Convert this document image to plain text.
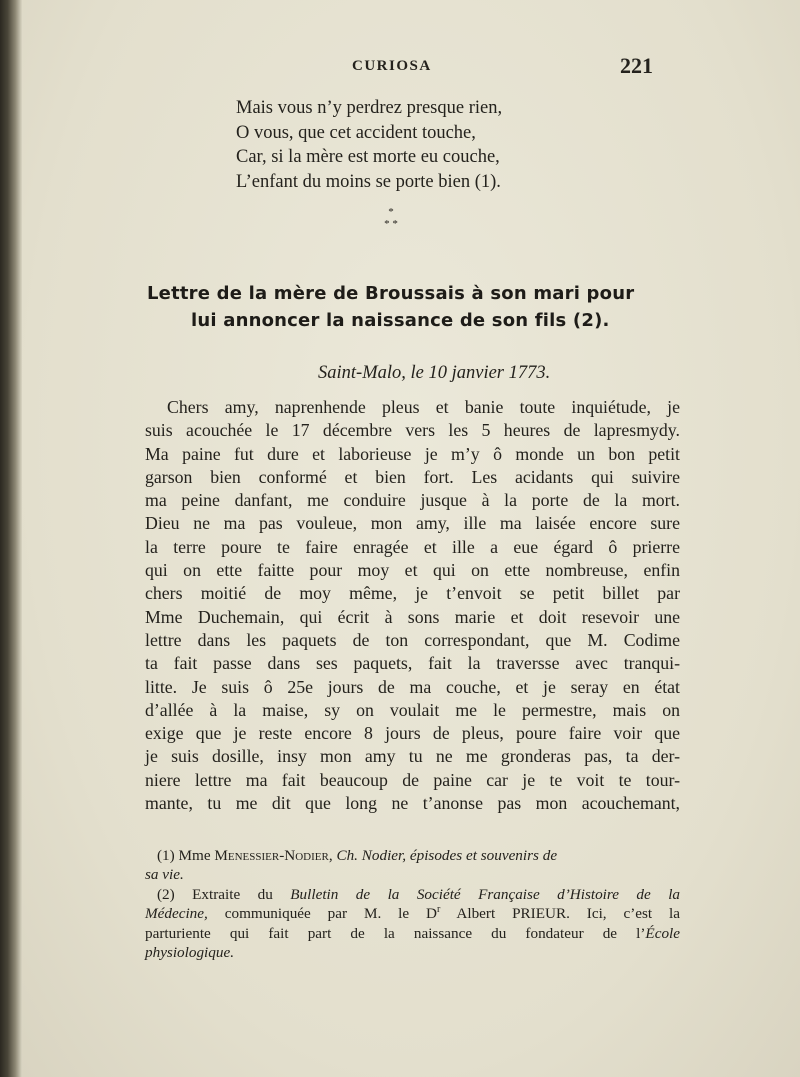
CURIOSA	221
Mais vous n’y perdrez presque rien,
O vous, que cet accident touche,
Car, si la mère est morte eu couche,
L’enfant du moins se porte bien (1).
*
* *
Lettre de la mère de Broussais à son mari pour
lui annoncer la naissance de son fils (2).
Saint-Malo, le 10 janvier 1773.
Chers amy, naprenhende pleus et banie toute inquiétude, je
suis acouchée le 17 décembre vers les 5 heures de lapresmydy.
Ma paine fut dure et laborieuse je m’y ô monde un bon petit
garson bien conformé et bien fort. Les acidants qui suivire
ma peine danfant, me conduire jusque à la porte de la mort.
Dieu ne ma pas vouleue, mon amy, ille ma laisée encore sure
la terre poure te faire enragée et ille a eue égard ô prierre
qui on ette faitte pour moy et qui on ette nombreuse, enfin
chers moitié de moy même, je t’envoit se petit billet par
Mme Duchemain, qui écrit à sons marie et doit resevoir une
lettre dans les paquets de ton correspondant, que M. Codime
ta fait passe dans ses paquets, fait la traversse avec tranqui-
litte. Je suis ô 25e jours de ma couche, et je seray en état
d’allée à la maise, sy on voulait me le permestre, mais on
exige que je reste encore 8 jours de pleus, poure faire voir que
je suis dosille, insy mon amy tu ne me gronderas pas, ta der-
niere lettre ma fait beaucoup de paine car je te voit te tour-
mante, tu me dit que long ne t’anonse pas mon acouchemant,
(1) Mme Menessier-Nodier, Ch. Nodier, épisodes et souvenirs de
sa vie.
(2) Extraite du Bulletin de la Société Française d’Histoire de la
Médecine, communiquée par M. le $D^r$ Albert PRIEUR. Ici, c’est la
parturiente qui fait part de la naissance du fondateur de l’École
physiologique.
